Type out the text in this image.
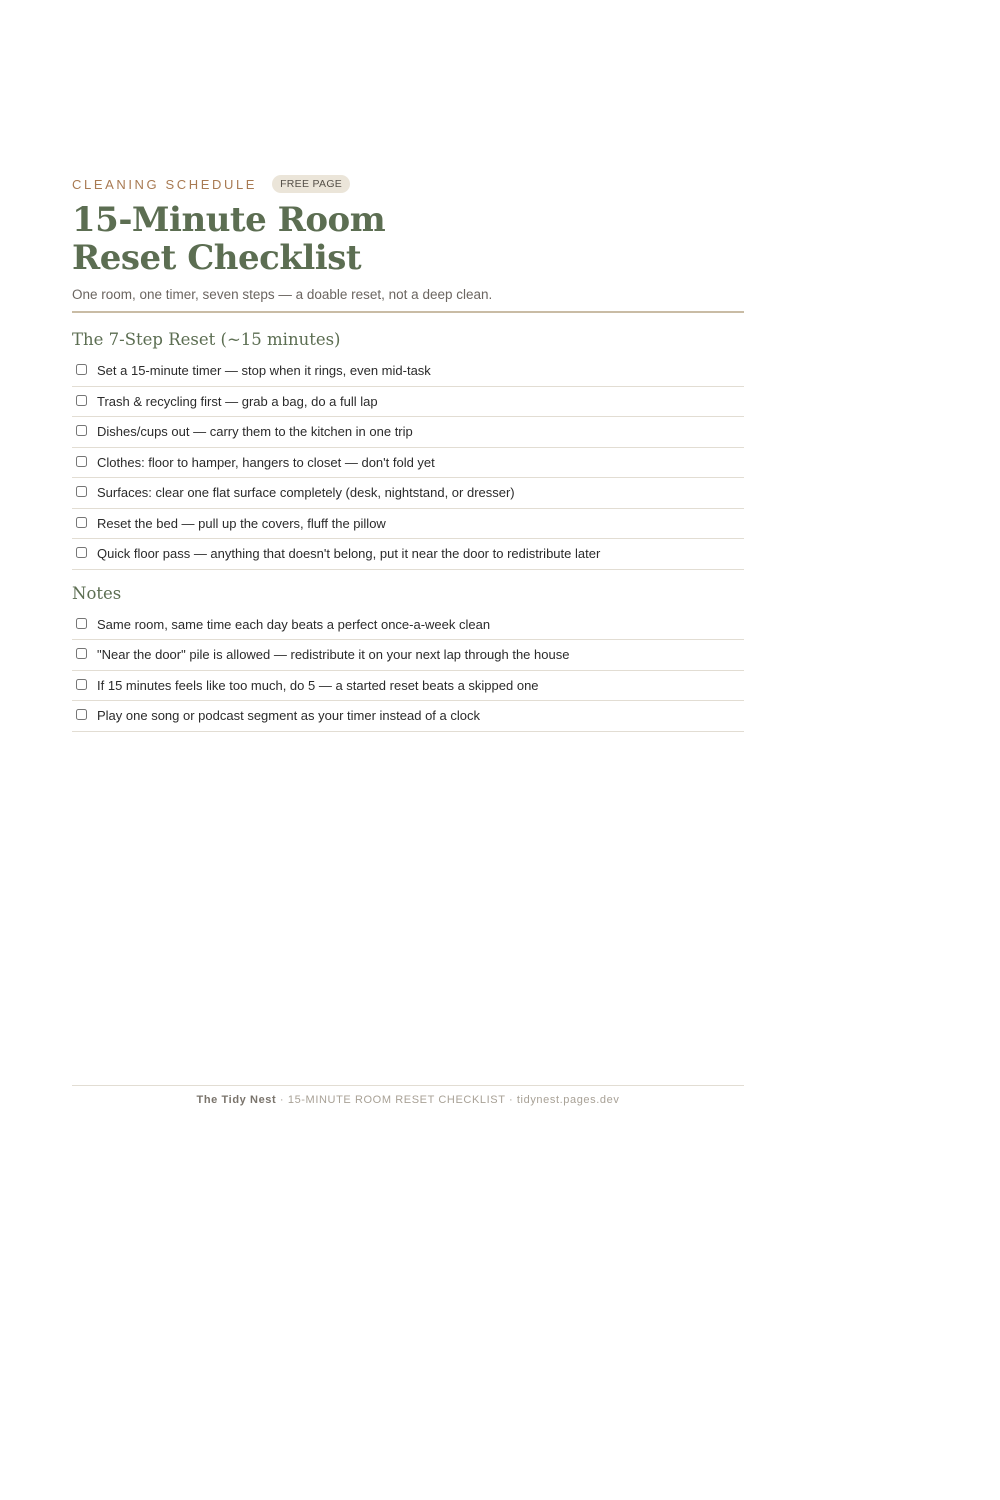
CLEANING SCHEDULE	FREE PAGE
15-Minute Room
Reset Checklist
One room, one timer, seven steps — a doable reset, not a deep clean.
The 7-Step Reset (~15 minutes)
Set a 15-minute timer — stop when it rings, even mid-task
Trash & recycling first — grab a bag, do a full lap
Dishes/cups out — carry them to the kitchen in one trip
Clothes: floor to hamper, hangers to closet — don't fold yet
Surfaces: clear one flat surface completely (desk, nightstand, or dresser)
Reset the bed — pull up the covers, fluff the pillow
Quick floor pass — anything that doesn't belong, put it near the door to redistribute later
Notes
Same room, same time each day beats a perfect once-a-week clean
"Near the door" pile is allowed — redistribute it on your next lap through the house
If 15 minutes feels like too much, do 5 — a started reset beats a skipped one
Play one song or podcast segment as your timer instead of a clock
The Tidy Nest · 15-MINUTE ROOM RESET CHECKLIST · tidynest.pages.dev
